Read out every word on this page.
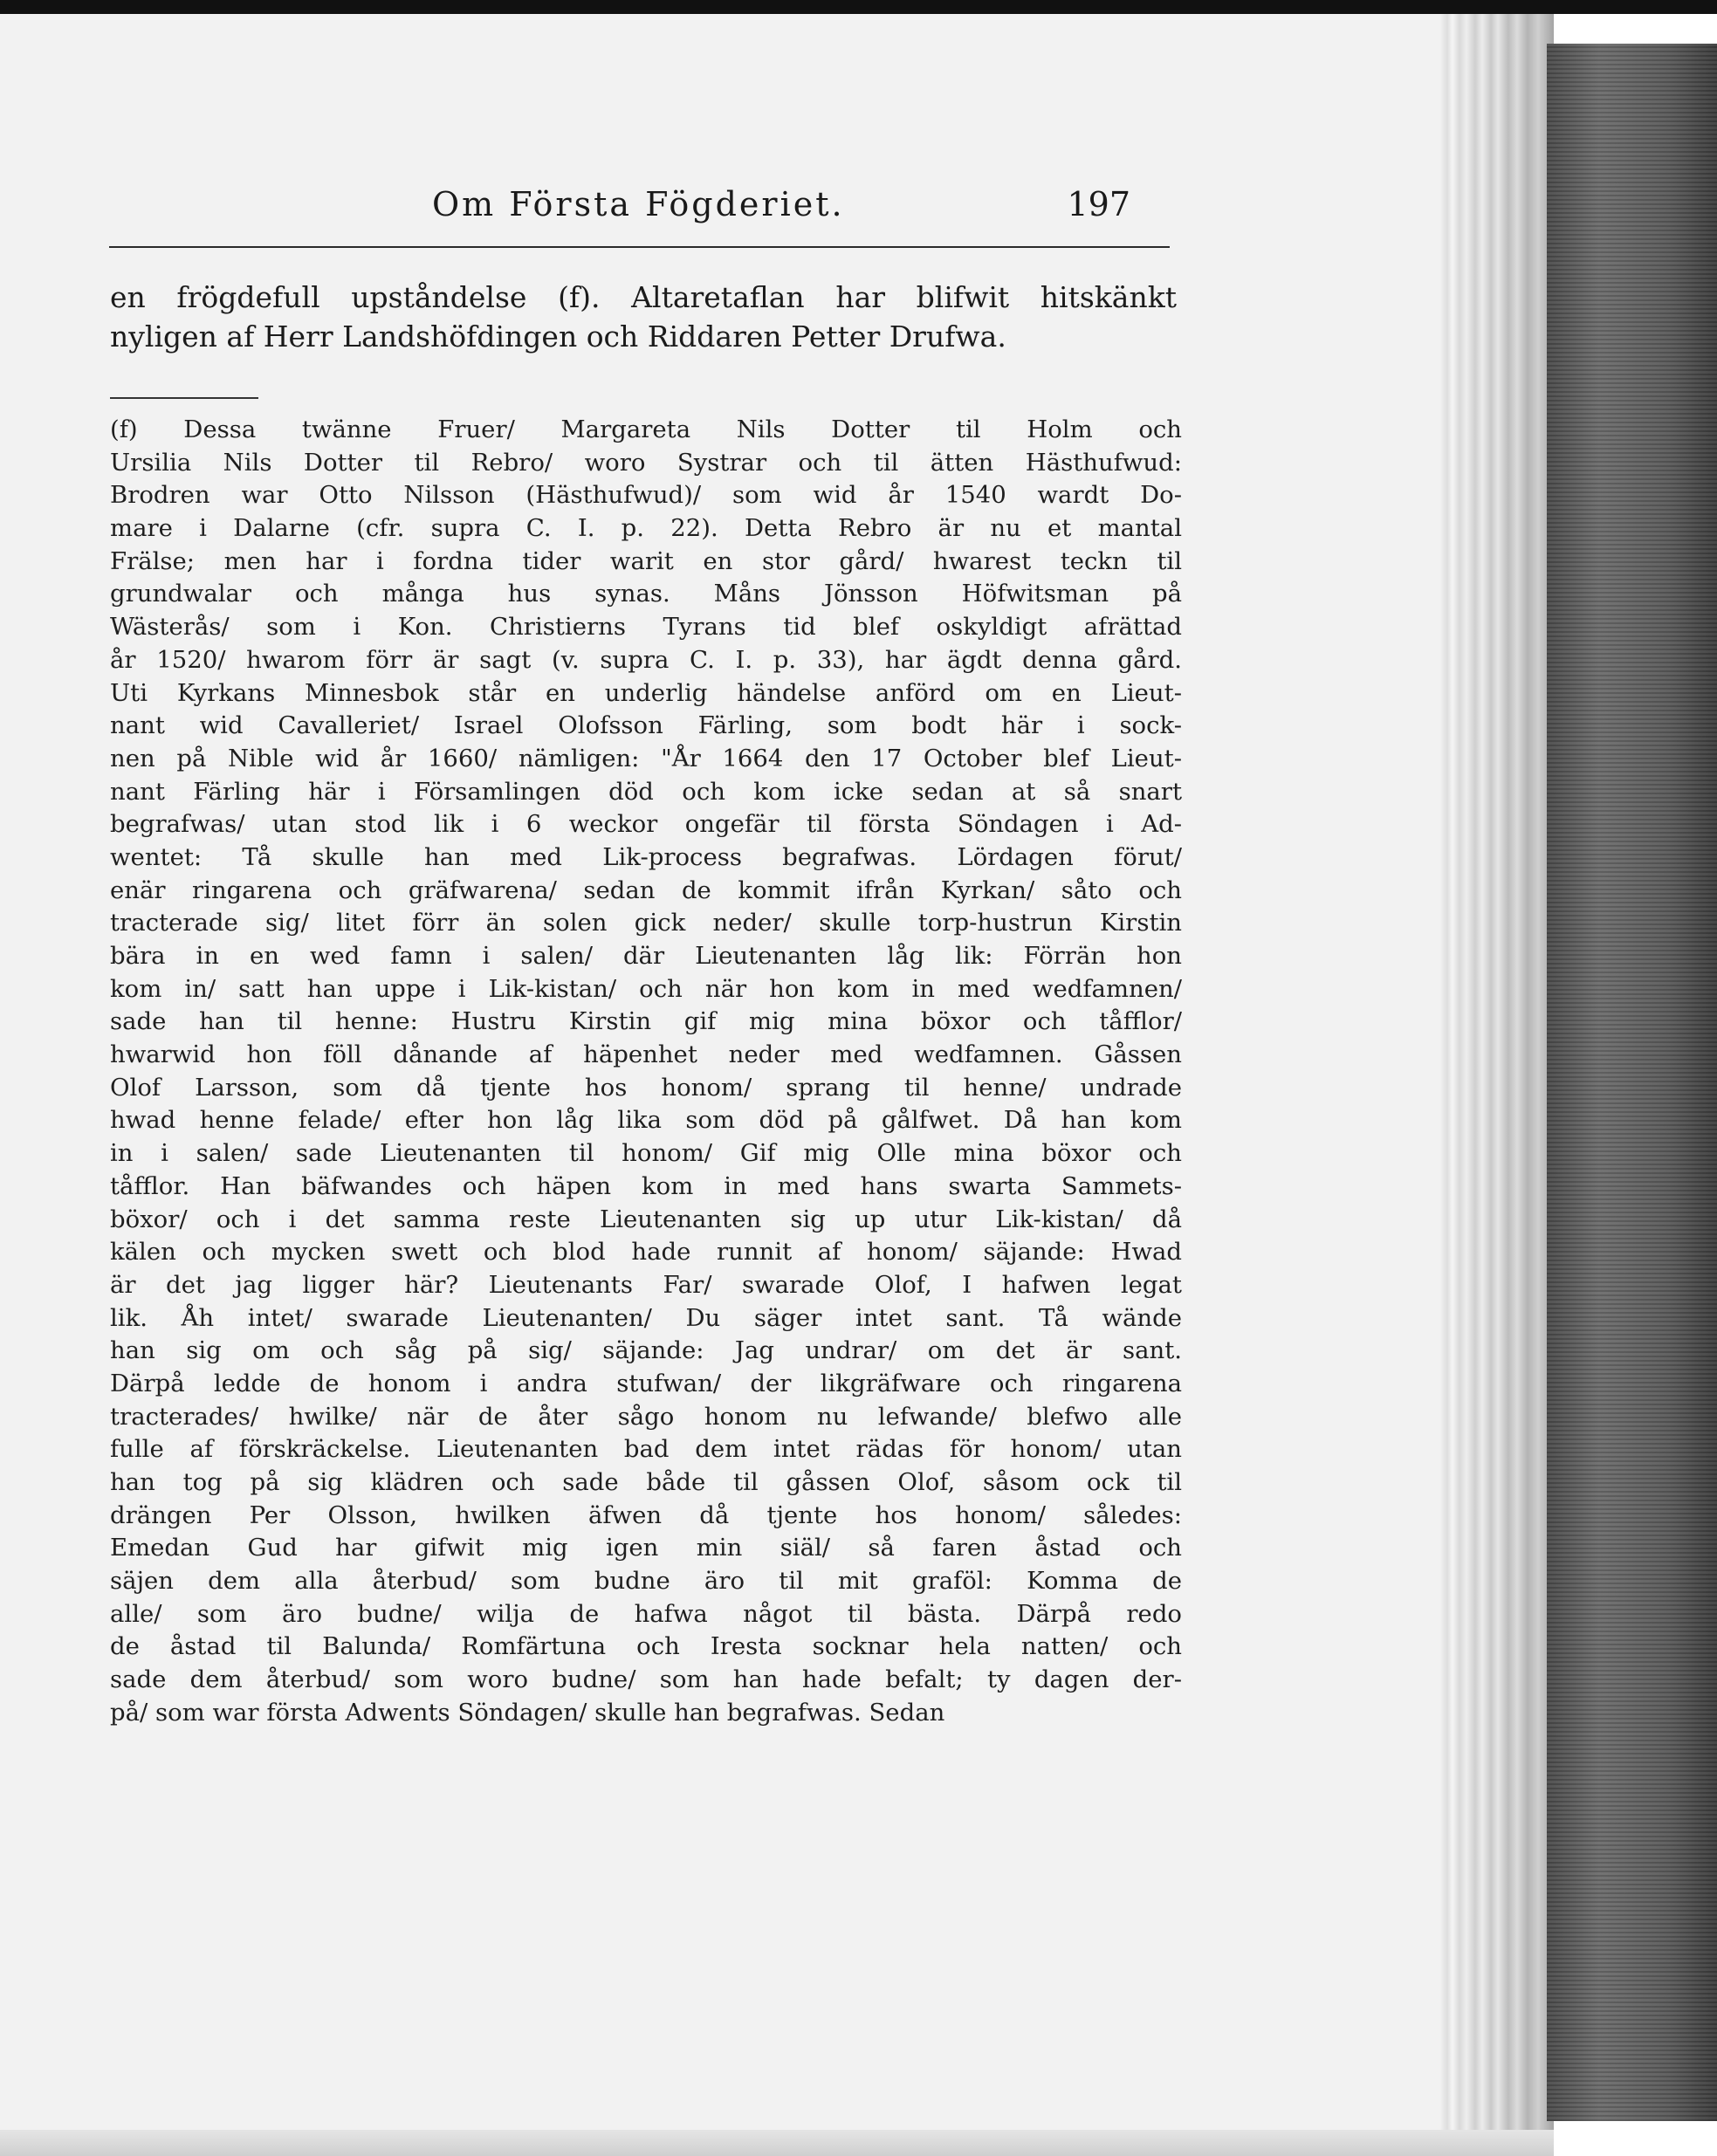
Om Första Fögderiet.	197
en frögdefull upståndelse (f). Altaretaflan har blifwit hitskänkt
nyligen af Herr Landshöfdingen och Riddaren Petter Drufwa.
(f) Dessa twänne Fruer/ Margareta Nils Dotter til Holm och
Ursilia Nils Dotter til Rebro/ woro Systrar och til ätten Hästhufwud:
Brodren war Otto Nilsson (Hästhufwud)/ som wid år 1540 wardt Do-
mare i Dalarne (cfr. supra C. I. p. 22). Detta Rebro är nu et mantal
Frälse; men har i fordna tider warit en stor gård/ hwarest teckn til
grundwalar och många hus synas. Måns Jönsson Höfwitsman på
Wästerås/ som i Kon. Christierns Tyrans tid blef oskyldigt afrättad
år 1520/ hwarom förr är sagt (v. supra C. I. p. 33), har ägdt denna gård.
Uti Kyrkans Minnesbok står en underlig händelse anförd om en Lieut-
nant wid Cavalleriet/ Israel Olofsson Färling, som bodt här i sock-
nen på Nible wid år 1660/ nämligen: "År 1664 den 17 October blef Lieut-
nant Färling här i Församlingen död och kom icke sedan at så snart
begrafwas/ utan stod lik i 6 weckor ongefär til första Söndagen i Ad-
wentet: Tå skulle han med Lik-process begrafwas. Lördagen förut/
enär ringarena och gräfwarena/ sedan de kommit ifrån Kyrkan/ såto och
tracterade sig/ litet förr än solen gick neder/ skulle torp-hustrun Kirstin
bära in en wed famn i salen/ där Lieutenanten låg lik: Förrän hon
kom in/ satt han uppe i Lik-kistan/ och när hon kom in med wedfamnen/
sade han til henne: Hustru Kirstin gif mig mina böxor och tåfflor/
hwarwid hon föll dånande af häpenhet neder med wedfamnen. Gåssen
Olof Larsson, som då tjente hos honom/ sprang til henne/ undrade
hwad henne felade/ efter hon låg lika som död på gålfwet. Då han kom
in i salen/ sade Lieutenanten til honom/ Gif mig Olle mina böxor och
tåfflor. Han bäfwandes och häpen kom in med hans swarta Sammets-
böxor/ och i det samma reste Lieutenanten sig up utur Lik-kistan/ då
kälen och mycken swett och blod hade runnit af honom/ säjande: Hwad
är det jag ligger här? Lieutenants Far/ swarade Olof, I hafwen legat
lik. Åh intet/ swarade Lieutenanten/ Du säger intet sant. Tå wände
han sig om och såg på sig/ säjande: Jag undrar/ om det är sant.
Därpå ledde de honom i andra stufwan/ der likgräfware och ringarena
tracterades/ hwilke/ när de åter sågo honom nu lefwande/ blefwo alle
fulle af förskräckelse. Lieutenanten bad dem intet rädas för honom/ utan
han tog på sig klädren och sade både til gåssen Olof, såsom ock til
drängen Per Olsson, hwilken äfwen då tjente hos honom/ således:
Emedan Gud har gifwit mig igen min siäl/ så faren åstad och
säjen dem alla återbud/ som budne äro til mit graföl: Komma de
alle/ som äro budne/ wilja de hafwa något til bästa. Därpå redo
de åstad til Balunda/ Romfärtuna och Iresta socknar hela natten/ och
sade dem återbud/ som woro budne/ som han hade befalt; ty dagen der-
på/ som war första Adwents Söndagen/ skulle han begrafwas. Sedan
